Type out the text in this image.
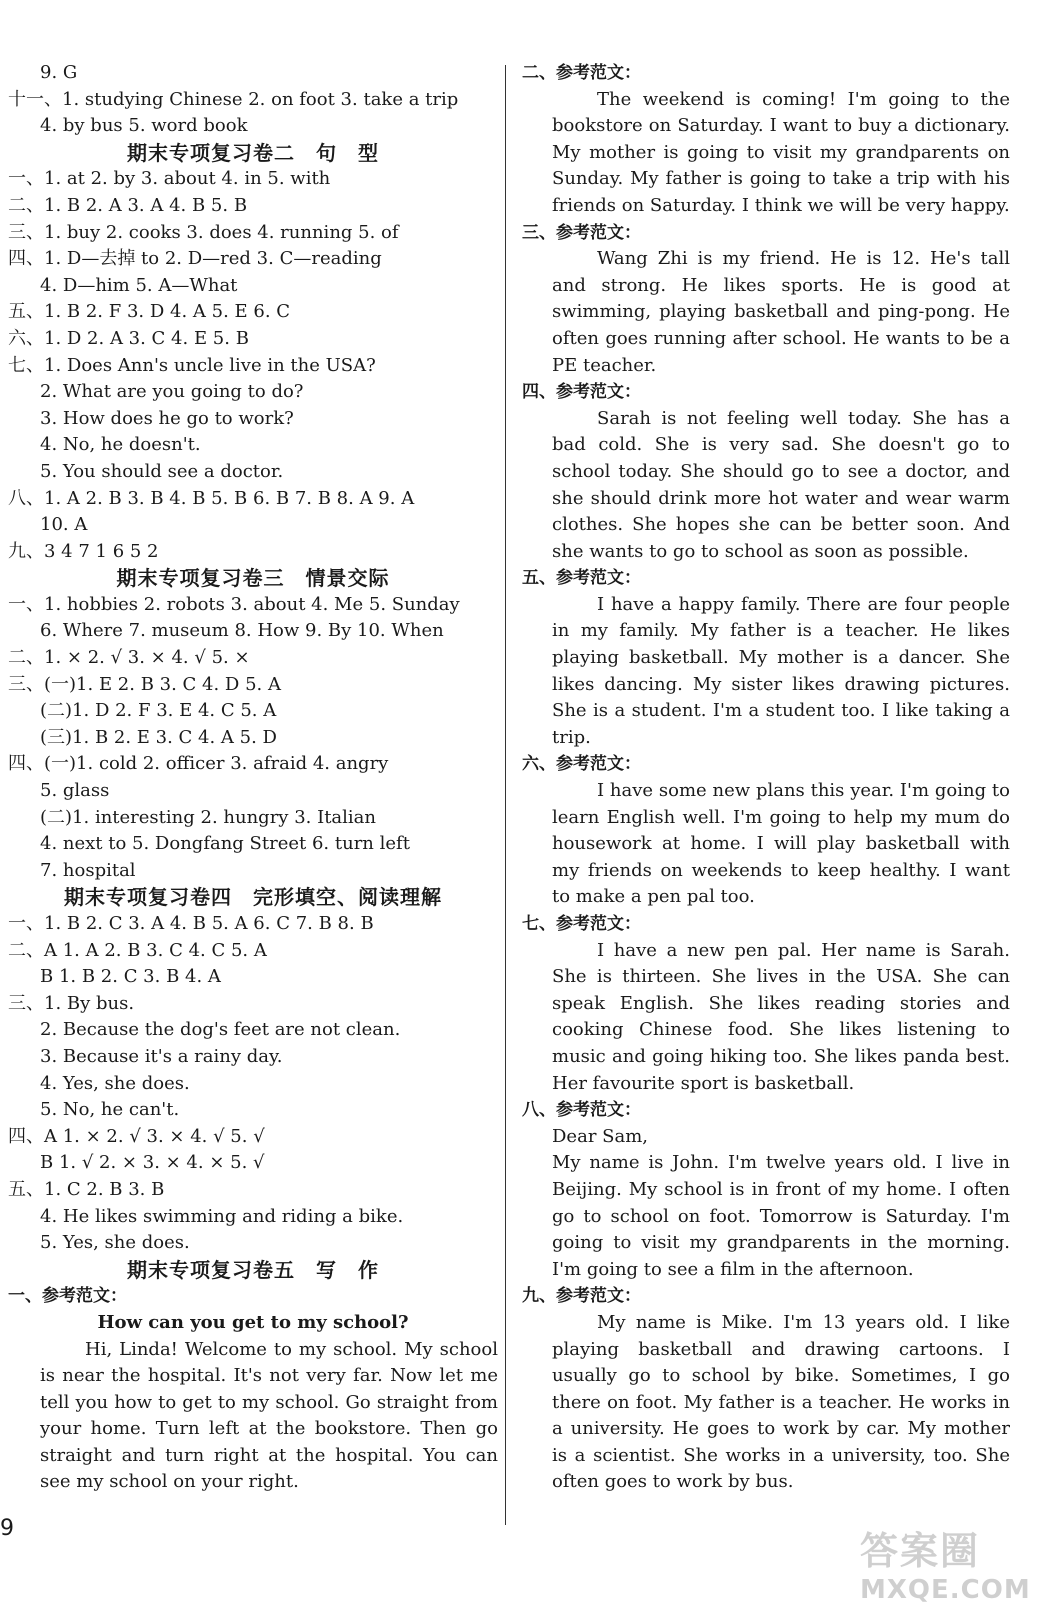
9. G
十一、1. studying Chinese 2. on foot 3. take a trip
4. by bus 5. word book
期末专项复习卷二　句　型
一、1. at 2. by 3. about 4. in 5. with
二、1. B 2. A 3. A 4. B 5. B
三、1. buy 2. cooks 3. does 4. running 5. of
四、1. D—去掉 to 2. D—red 3. C—reading
4. D—him 5. A—What
五、1. B 2. F 3. D 4. A 5. E 6. C
六、1. D 2. A 3. C 4. E 5. B
七、1. Does Ann's uncle live in the USA?
2. What are you going to do?
3. How does he go to work?
4. No, he doesn't.
5. You should see a doctor.
八、1. A 2. B 3. B 4. B 5. B 6. B 7. B 8. A 9. A
10. A
九、3 4 7 1 6 5 2
期末专项复习卷三　情景交际
一、1. hobbies 2. robots 3. about 4. Me 5. Sunday
6. Where 7. museum 8. How 9. By 10. When
二、1. × 2. √ 3. × 4. √ 5. ×
三、(一)1. E 2. B 3. C 4. D 5. A
(二)1. D 2. F 3. E 4. C 5. A
(三)1. B 2. E 3. C 4. A 5. D
四、(一)1. cold 2. officer 3. afraid 4. angry
5. glass
(二)1. interesting 2. hungry 3. Italian
4. next to 5. Dongfang Street 6. turn left
7. hospital
期末专项复习卷四　完形填空、阅读理解
一、1. B 2. C 3. A 4. B 5. A 6. C 7. B 8. B
二、A 1. A 2. B 3. C 4. C 5. A
B 1. B 2. C 3. B 4. A
三、1. By bus.
2. Because the dog's feet are not clean.
3. Because it's a rainy day.
4. Yes, she does.
5. No, he can't.
四、A 1. × 2. √ 3. × 4. √ 5. √
B 1. √ 2. × 3. × 4. × 5. √
五、1. C 2. B 3. B
4. He likes swimming and riding a bike.
5. Yes, she does.
期末专项复习卷五　写　作
一、参考范文：
How can you get to my school?
Hi, Linda! Welcome to my school. My school is near the hospital. It's not very far. Now let me tell you how to get to my school. Go straight from your home. Turn left at the bookstore. Then go straight and turn right at the hospital. You can see my school on your right.
二、参考范文：
The weekend is coming! I'm going to the bookstore on Saturday. I want to buy a dictionary. My mother is going to visit my grandparents on Sunday. My father is going to take a trip with his friends on Saturday. I think we will be very happy.
三、参考范文：
Wang Zhi is my friend. He is 12. He's tall and strong. He likes sports. He is good at swimming, playing basketball and ping-pong. He often goes running after school. He wants to be a PE teacher.
四、参考范文：
Sarah is not feeling well today. She has a bad cold. She is very sad. She doesn't go to school today. She should go to see a doctor, and she should drink more hot water and wear warm clothes. She hopes she can be better soon. And she wants to go to school as soon as possible.
五、参考范文：
I have a happy family. There are four people in my family. My father is a teacher. He likes playing basketball. My mother is a dancer. She likes dancing. My sister likes drawing pictures. She is a student. I'm a student too. I like taking a trip.
六、参考范文：
I have some new plans this year. I'm going to learn English well. I'm going to help my mum do housework at home. I will play basketball with my friends on weekends to keep healthy. I want to make a pen pal too.
七、参考范文：
I have a new pen pal. Her name is Sarah. She is thirteen. She lives in the USA. She can speak English. She likes reading stories and cooking Chinese food. She likes listening to music and going hiking too. She likes panda best. Her favourite sport is basketball.
八、参考范文：
Dear Sam,
My name is John. I'm twelve years old. I live in Beijing. My school is in front of my home. I often go to school on foot. Tomorrow is Saturday. I'm going to visit my grandparents in the morning. I'm going to see a film in the afternoon.
九、参考范文：
My name is Mike. I'm 13 years old. I like playing basketball and drawing cartoons. I usually go to school by bike. Sometimes, I go there on foot. My father is a teacher. He works in a university. He goes to work by car. My mother is a scientist. She works in a university, too. She often goes to work by bus.
9
答案圈
MXQE.COM
